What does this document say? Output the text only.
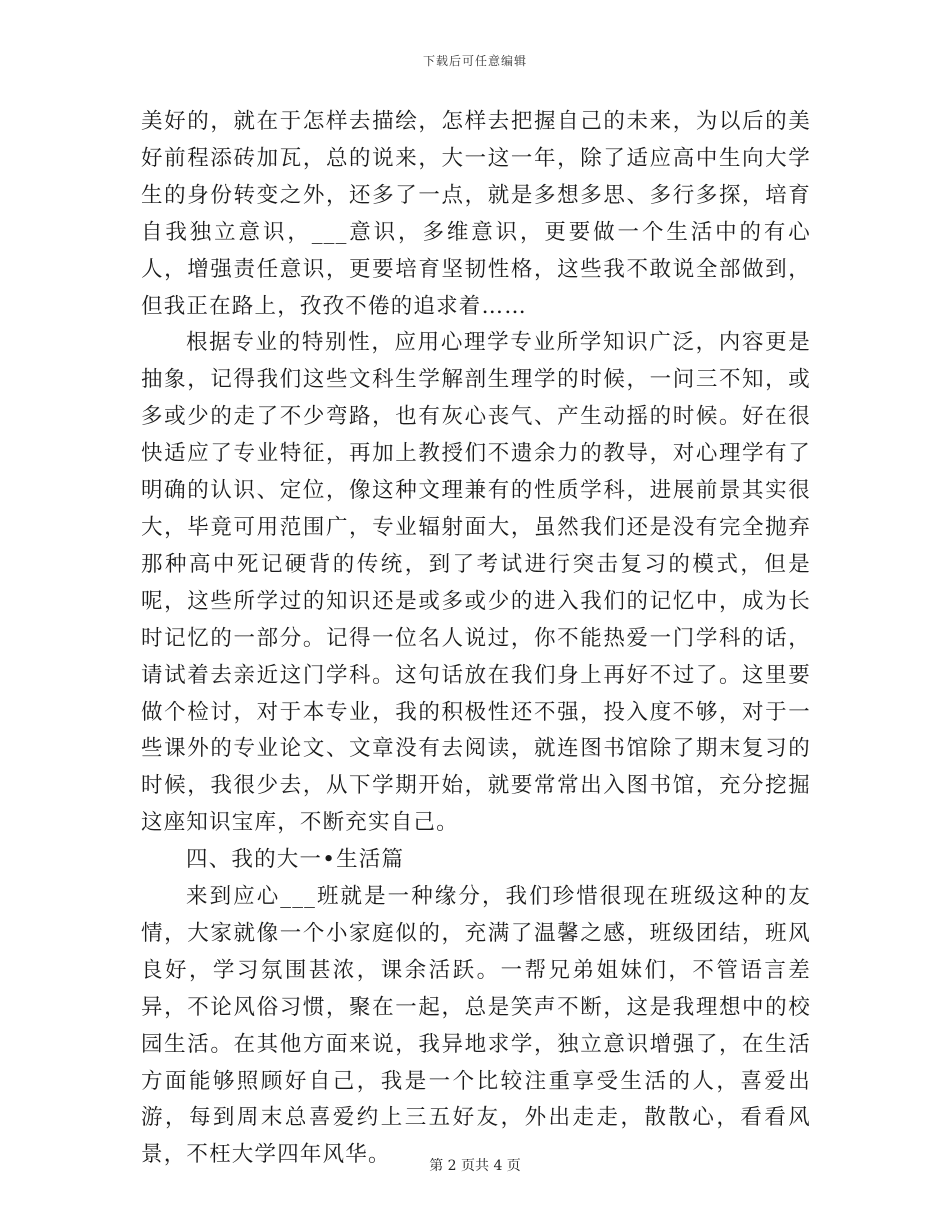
下载后可任意编辑

美好的，就在于怎样去描绘，怎样去把握自己的未来，为以后的美好前程添砖加瓦，总的说来，大一这一年，除了适应高中生向大学生的身份转变之外，还多了一点，就是多想多思、多行多探，培育自我独立意识，___意识，多维意识，更要做一个生活中的有心人，增强责任意识，更要培育坚韧性格，这些我不敢说全部做到，但我正在路上，孜孜不倦的追求着……

根据专业的特别性，应用心理学专业所学知识广泛，内容更是抽象，记得我们这些文科生学解剖生理学的时候，一问三不知，或多或少的走了不少弯路，也有灰心丧气、产生动摇的时候。好在很快适应了专业特征，再加上教授们不遗余力的教导，对心理学有了明确的认识、定位，像这种文理兼有的性质学科，进展前景其实很大，毕竟可用范围广，专业辐射面大，虽然我们还是没有完全抛弃那种高中死记硬背的传统，到了考试进行突击复习的模式，但是呢，这些所学过的知识还是或多或少的进入我们的记忆中，成为长时记忆的一部分。记得一位名人说过，你不能热爱一门学科的话，请试着去亲近这门学科。这句话放在我们身上再好不过了。这里要做个检讨，对于本专业，我的积极性还不强，投入度不够，对于一些课外的专业论文、文章没有去阅读，就连图书馆除了期末复习的时候，我很少去，从下学期开始，就要常常出入图书馆，充分挖掘这座知识宝库，不断充实自己。

四、我的大一•生活篇

来到应心___班就是一种缘分，我们珍惜很现在班级这种的友情，大家就像一个小家庭似的，充满了温馨之感，班级团结，班风良好，学习氛围甚浓，课余活跃。一帮兄弟姐妹们，不管语言差异，不论风俗习惯，聚在一起，总是笑声不断，这是我理想中的校园生活。在其他方面来说，我异地求学，独立意识增强了，在生活方面能够照顾好自己，我是一个比较注重享受生活的人，喜爱出游，每到周末总喜爱约上三五好友，外出走走，散散心，看看风景，不枉大学四年风华。	第 2 页共 4 页
